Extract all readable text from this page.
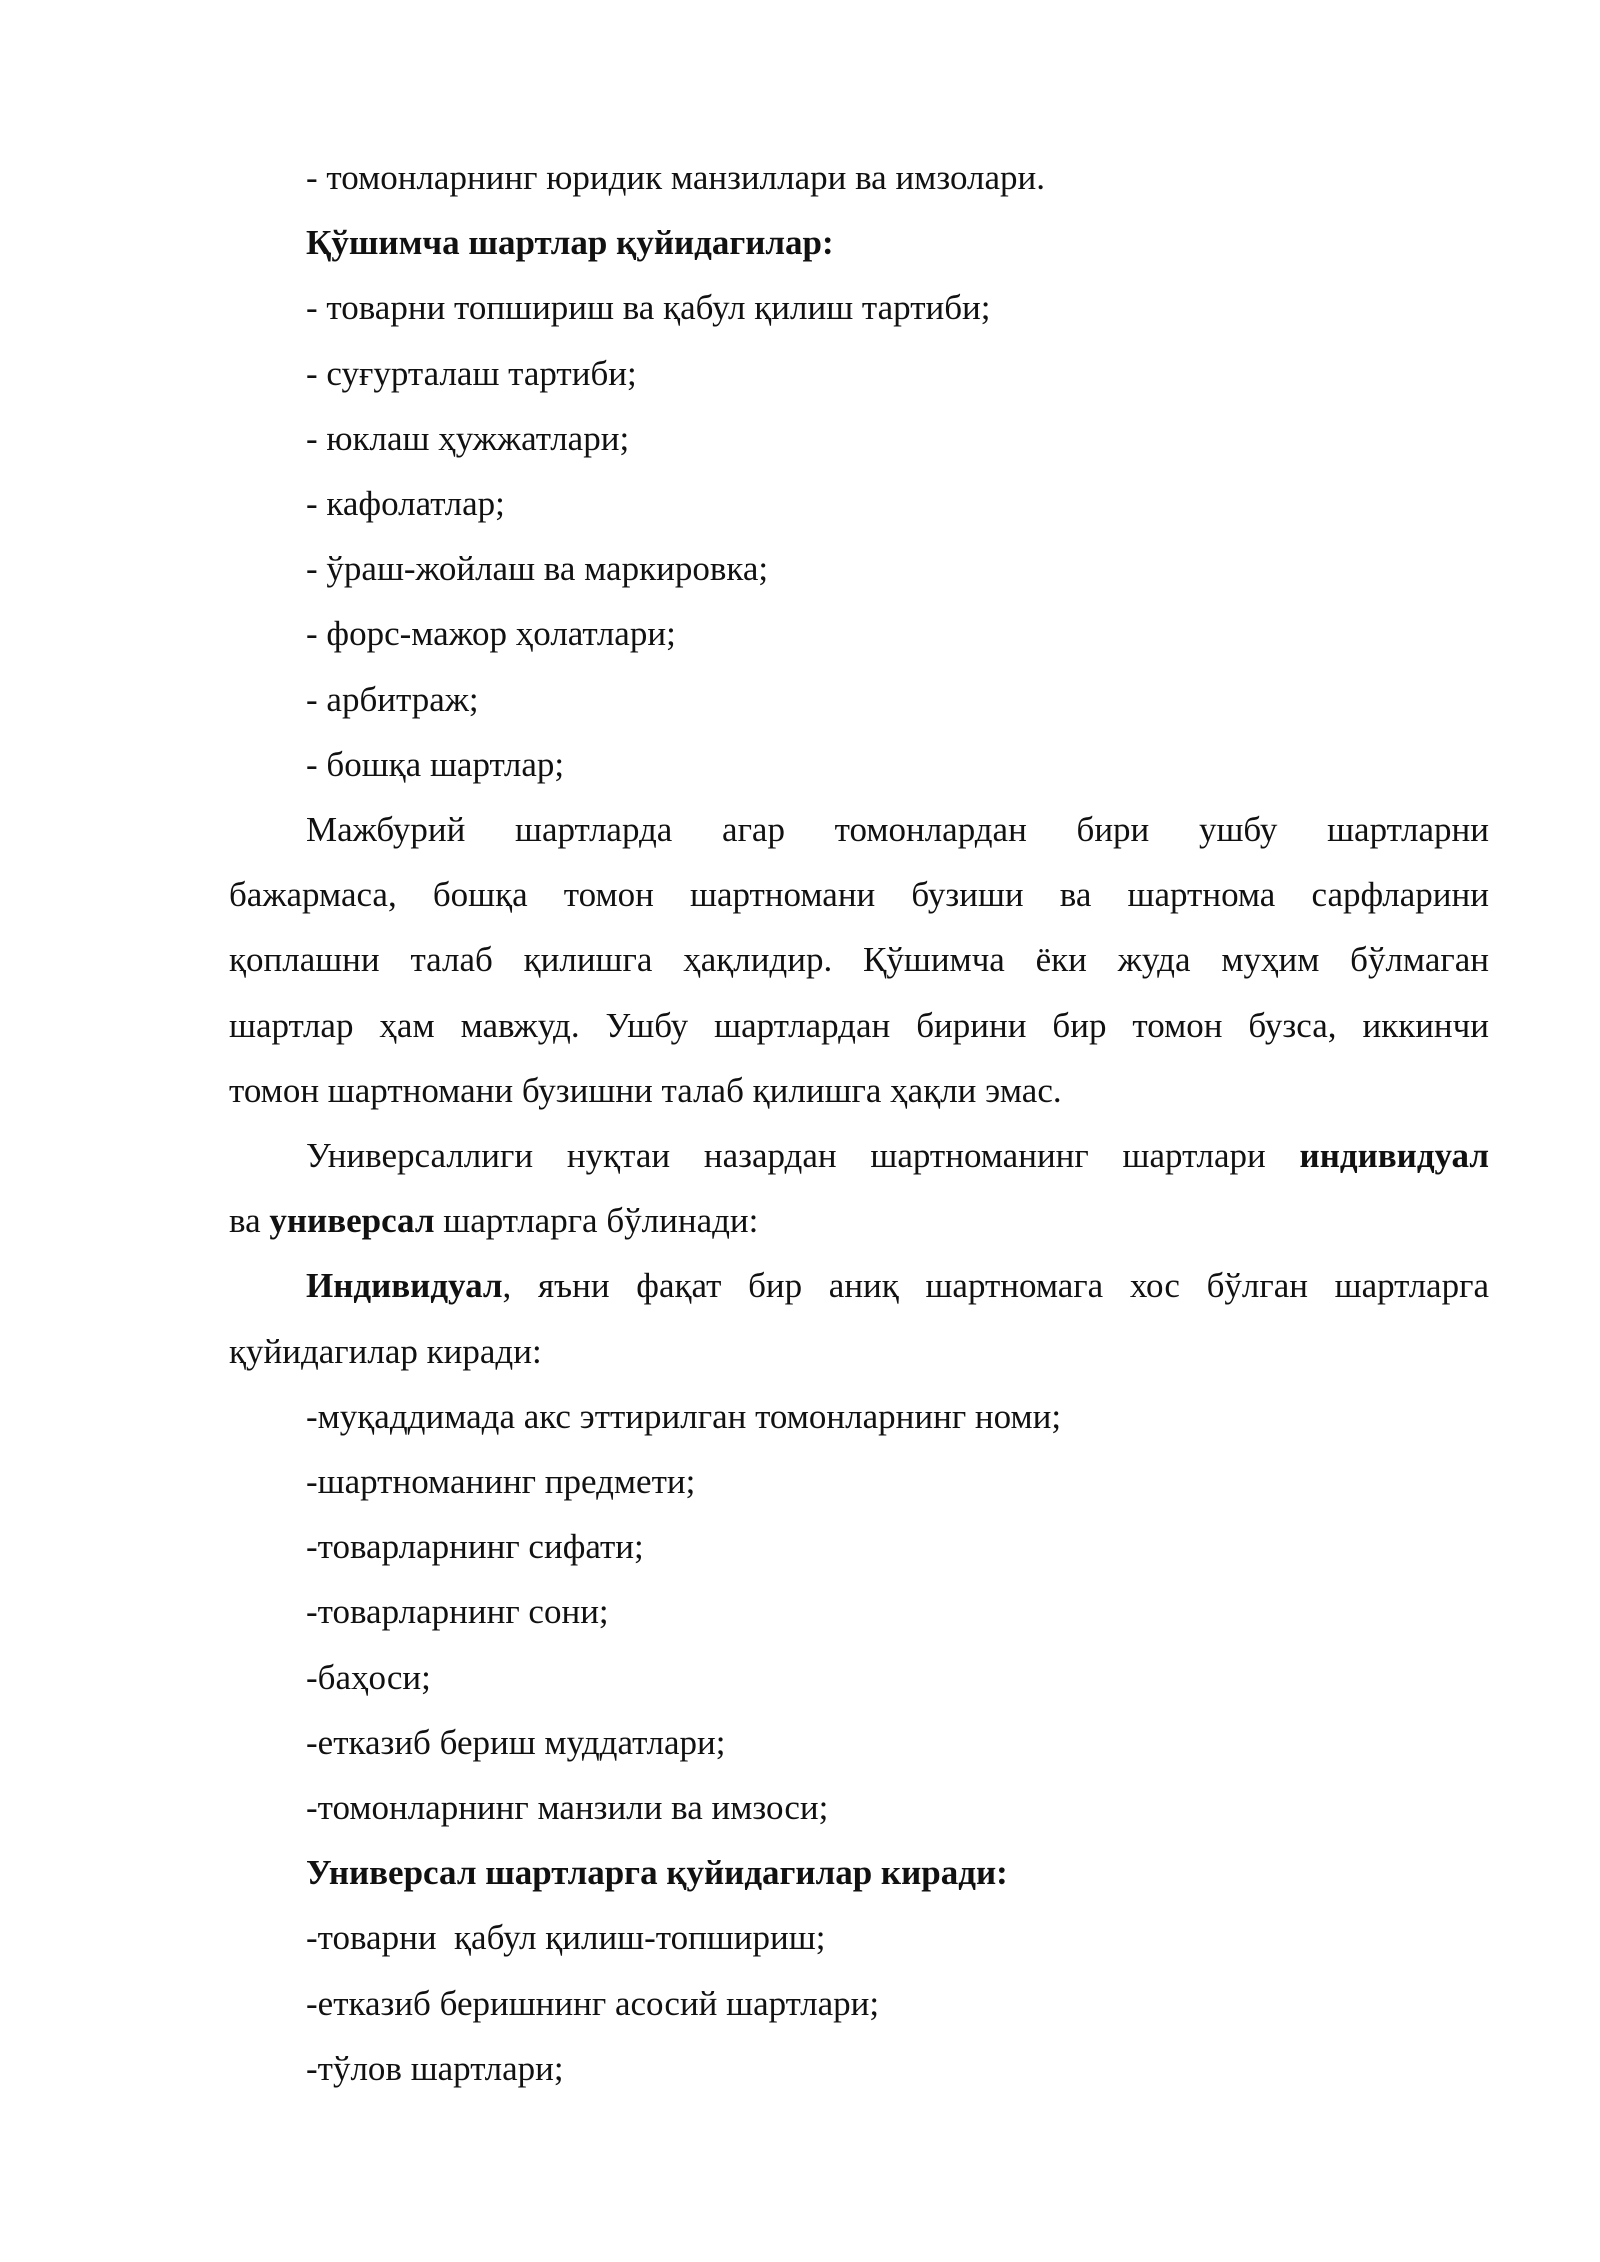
- томонларнинг юридик манзиллари ва имзолари.
Қўшимча шартлар қуйидагилар:
- товарни топшириш ва қабул қилиш тартиби;
- суғурталаш тартиби;
- юклаш ҳужжатлари;
- кафолатлар;
- ўраш-жойлаш ва маркировка;
- форс-мажор ҳолатлари;
- арбитраж;
- бошқа шартлар;
Мажбурий шартларда агар томонлардан бири ушбу шартларни
бажармаса, бошқа томон шартномани бузиши ва шартнома сарфларини
қоплашни талаб қилишга ҳақлидир. Қўшимча ёки жуда муҳим бўлмаган
шартлар ҳам мавжуд. Ушбу шартлардан бирини бир томон бузса, иккинчи
томон шартномани бузишни талаб қилишга ҳақли эмас.
Универсаллиги нуқтаи назардан шартноманинг шартлари индивидуал
ва универсал шартларга бўлинади:
Индивидуал, яъни фақат бир аниқ шартномага хос бўлган шартларга
қуйидагилар киради:
-муқаддимада акс эттирилган томонларнинг номи;
-шартноманинг предмети;
-товарларнинг сифати;
-товарларнинг сони;
-баҳоси;
-етказиб бериш муддатлари;
-томонларнинг манзили ва имзоси;
Универсал шартларга қуйидагилар киради:
-товарни  қабул қилиш-топшириш;
-етказиб беришнинг асосий шартлари;
-тўлов шартлари;
